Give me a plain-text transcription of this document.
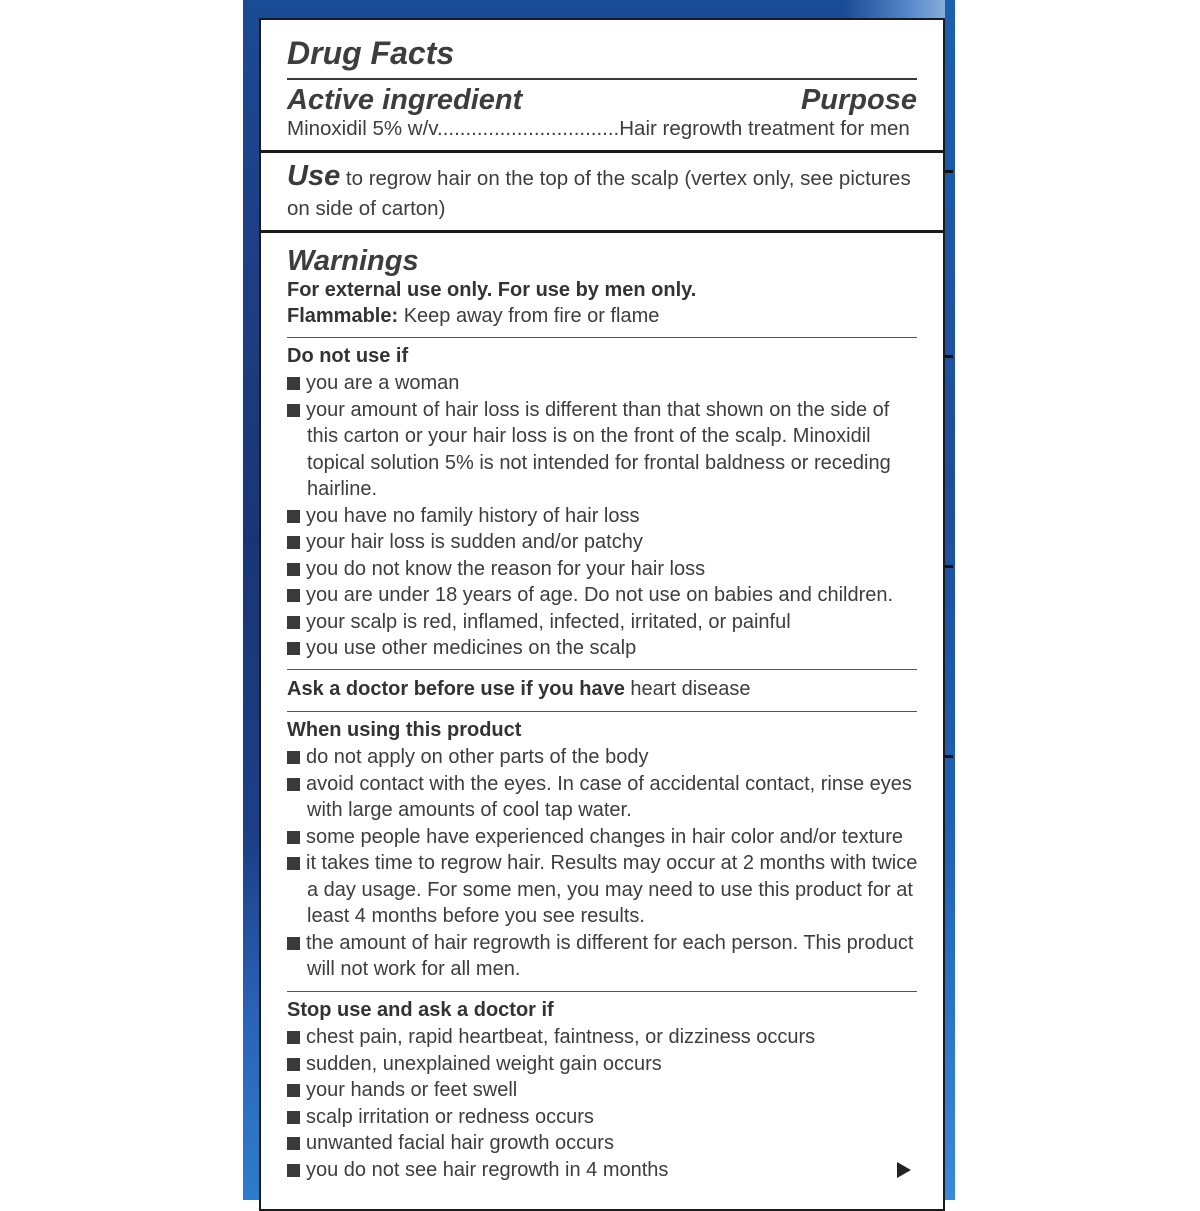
Drug Facts
Active ingredient	Purpose
Minoxidil 5% w/v................................Hair regrowth treatment for men
Use to regrow hair on the top of the scalp (vertex only, see pictures
on side of carton)
Warnings
For external use only. For use by men only.
Flammable: Keep away from fire or flame
Do not use if
you are a woman
your amount of hair loss is different than that shown on the side of this carton or your hair loss is on the front of the scalp. Minoxidil topical solution 5% is not intended for frontal baldness or receding hairline.
you have no family history of hair loss
your hair loss is sudden and/or patchy
you do not know the reason for your hair loss
you are under 18 years of age. Do not use on babies and children.
your scalp is red, inflamed, infected, irritated, or painful
you use other medicines on the scalp
Ask a doctor before use if you have heart disease
When using this product
do not apply on other parts of the body
avoid contact with the eyes. In case of accidental contact, rinse eyes with large amounts of cool tap water.
some people have experienced changes in hair color and/or texture
it takes time to regrow hair. Results may occur at 2 months with twice a day usage. For some men, you may need to use this product for at least 4 months before you see results.
the amount of hair regrowth is different for each person. This product will not work for all men.
Stop use and ask a doctor if
chest pain, rapid heartbeat, faintness, or dizziness occurs
sudden, unexplained weight gain occurs
your hands or feet swell
scalp irritation or redness occurs
unwanted facial hair growth occurs
you do not see hair regrowth in 4 months
